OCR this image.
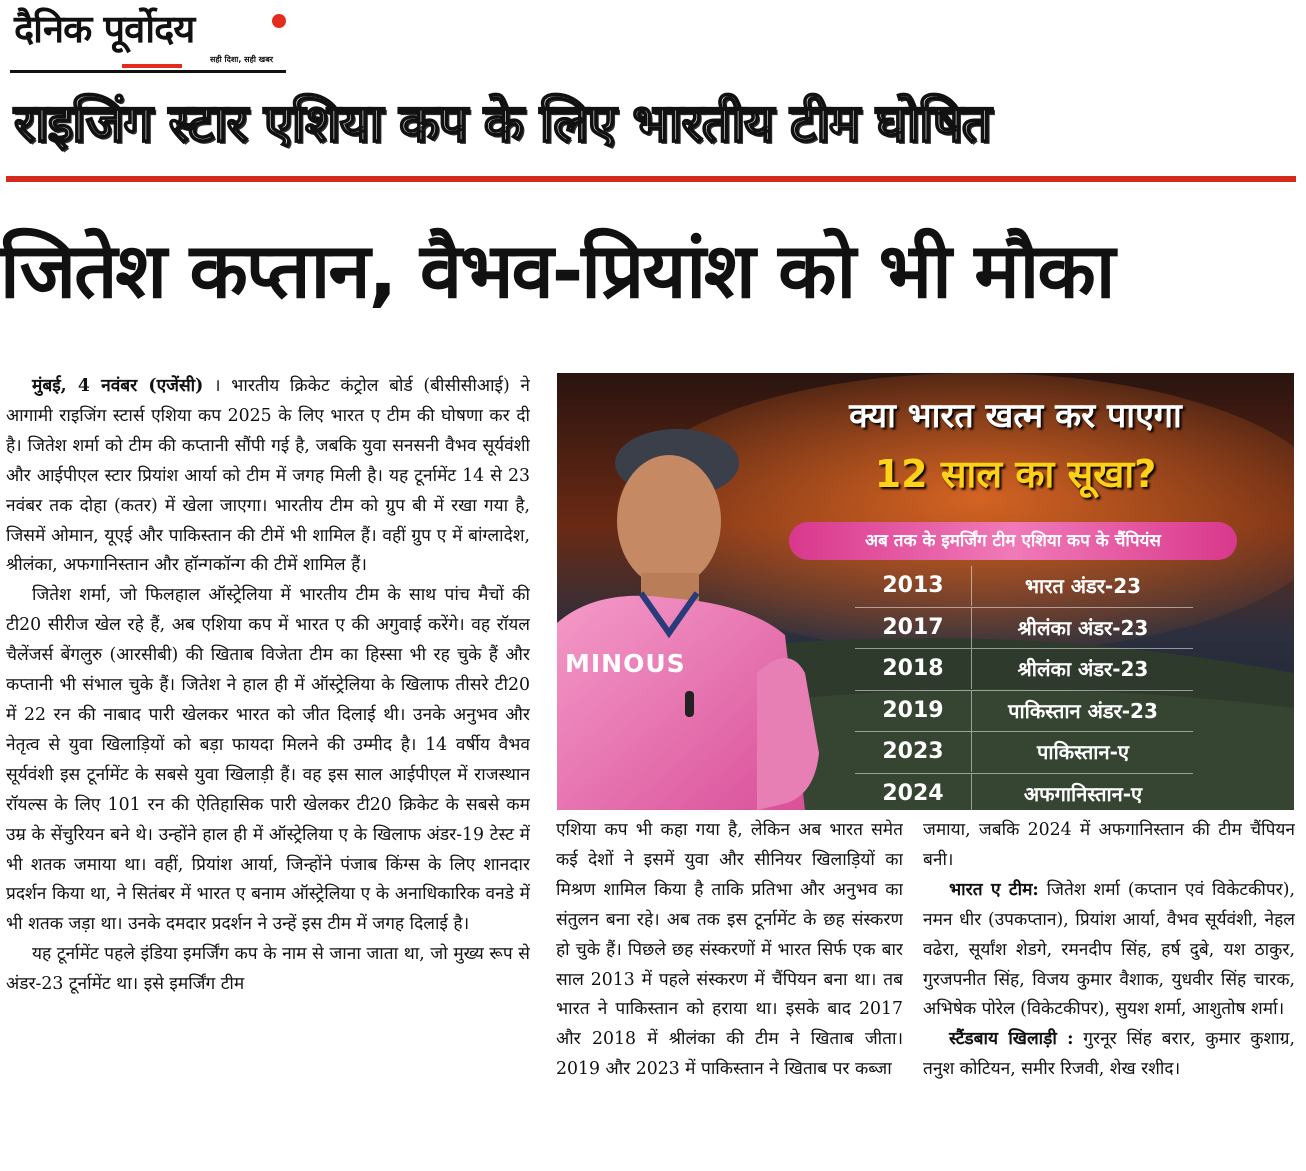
दैनिक पूर्वोदय
सही दिशा, सही खबर
राइजिंग स्टार एशिया कप के लिए भारतीय टीम घोषित
जितेश कप्तान, वैभव-प्रियांश को भी मौका

मुंबई, 4 नवंबर (एजेंसी) । भारतीय क्रिकेट कंट्रोल बोर्ड (बीसीसीआई) ने आगामी राइजिंग स्टार्स एशिया कप 2025 के लिए भारत ए टीम की घोषणा कर दी है। जितेश शर्मा को टीम की कप्तानी सौंपी गई है, जबकि युवा सनसनी वैभव सूर्यवंशी और आईपीएल स्टार प्रियांश आर्या को टीम में जगह मिली है। यह टूर्नामेंट 14 से 23 नवंबर तक दोहा (कतर) में खेला जाएगा। भारतीय टीम को ग्रुप बी में रखा गया है, जिसमें ओमान, यूएई और पाकिस्तान की टीमें भी शामिल हैं। वहीं ग्रुप ए में बांग्लादेश, श्रीलंका, अफगानिस्तान और हॉन्गकॉन्ग की टीमें शामिल हैं।

जितेश शर्मा, जो फिलहाल ऑस्ट्रेलिया में भारतीय टीम के साथ पांच मैचों की टी20 सीरीज खेल रहे हैं, अब एशिया कप में भारत ए की अगुवाई करेंगे। वह रॉयल चैलेंजर्स बेंगलुरु (आरसीबी) की खिताब विजेता टीम का हिस्सा भी रह चुके हैं और कप्तानी भी संभाल चुके हैं। जितेश ने हाल ही में ऑस्ट्रेलिया के खिलाफ तीसरे टी20 में 22 रन की नाबाद पारी खेलकर भारत को जीत दिलाई थी। उनके अनुभव और नेतृत्व से युवा खिलाड़ियों को बड़ा फायदा मिलने की उम्मीद है। 14 वर्षीय वैभव सूर्यवंशी इस टूर्नामेंट के सबसे युवा खिलाड़ी हैं। वह इस साल आईपीएल में राजस्थान रॉयल्स के लिए 101 रन की ऐतिहासिक पारी खेलकर टी20 क्रिकेट के सबसे कम उम्र के सेंचुरियन बने थे। उन्होंने हाल ही में ऑस्ट्रेलिया ए के खिलाफ अंडर-19 टेस्ट में भी शतक जमाया था। वहीं, प्रियांश आर्या, जिन्होंने पंजाब किंग्स के लिए शानदार प्रदर्शन किया था, ने सितंबर में भारत ए बनाम ऑस्ट्रेलिया ए के अनाधिकारिक वनडे में भी शतक जड़ा था। उनके दमदार प्रदर्शन ने उन्हें इस टीम में जगह दिलाई है।

यह टूर्नामेंट पहले इंडिया इमर्जिंग कप के नाम से जाना जाता था, जो मुख्य रूप से अंडर-23 टूर्नामेंट था। इसे इमर्जिंग टीम

MINOUS
क्या भारत खत्म कर पाएगा
12 साल का सूखा?
अब तक के इमर्जिंग टीम एशिया कप के चैंपियंस
2013	भारत अंडर-23
2017	श्रीलंका अंडर-23
2018	श्रीलंका अंडर-23
2019	पाकिस्तान अंडर-23
2023	पाकिस्तान-ए
2024	अफगानिस्तान-ए

एशिया कप भी कहा गया है, लेकिन अब भारत समेत कई देशों ने इसमें युवा और सीनियर खिलाड़ियों का मिश्रण शामिल किया है ताकि प्रतिभा और अनुभव का संतुलन बना रहे। अब तक इस टूर्नामेंट के छह संस्करण हो चुके हैं। पिछले छह संस्करणों में भारत सिर्फ एक बार साल 2013 में पहले संस्करण में चैंपियन बना था। तब भारत ने पाकिस्तान को हराया था। इसके बाद 2017 और 2018 में श्रीलंका की टीम ने खिताब जीता। 2019 और 2023 में पाकिस्तान ने खिताब पर कब्जा

जमाया, जबकि 2024 में अफगानिस्तान की टीम चैंपियन बनी।

भारत ए टीम: जितेश शर्मा (कप्तान एवं विकेटकीपर), नमन धीर (उपकप्तान), प्रियांश आर्या, वैभव सूर्यवंशी, नेहल वढेरा, सूर्यांश शेडगे, रमनदीप सिंह, हर्ष दुबे, यश ठाकुर, गुरजपनीत सिंह, विजय कुमार वैशाक, युधवीर सिंह चारक, अभिषेक पोरेल (विकेटकीपर), सुयश शर्मा, आशुतोष शर्मा।

स्टैंडबाय खिलाड़ी : गुरनूर सिंह बरार, कुमार कुशाग्र, तनुश कोटियन, समीर रिजवी, शेख रशीद।
